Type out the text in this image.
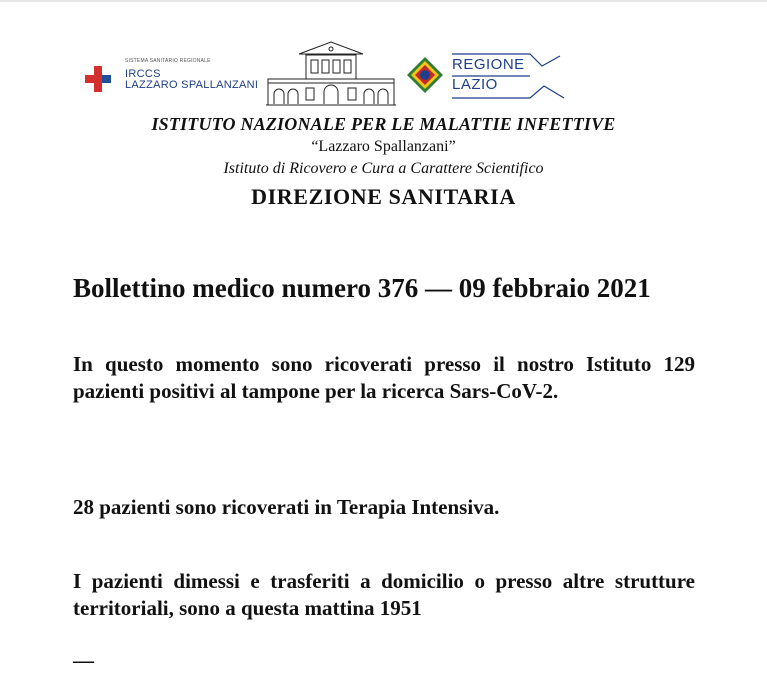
SISTEMA SANITARIO REGIONALE
IRCCS
LAZZARO SPALLANZANI
REGIONE
LAZIO
ISTITUTO NAZIONALE PER LE MALATTIE INFETTIVE
“Lazzaro Spallanzani”
Istituto di Ricovero e Cura a Carattere Scientifico
DIREZIONE SANITARIA
Bollettino medico numero 376 — 09 febbraio 2021
In questo momento sono ricoverati presso il nostro Istituto 129 pazienti positivi al tampone per la ricerca Sars-CoV-2.
28 pazienti sono ricoverati in Terapia Intensiva.
I pazienti dimessi e trasferiti a domicilio o presso altre strutture territoriali, sono a questa mattina 1951
—
